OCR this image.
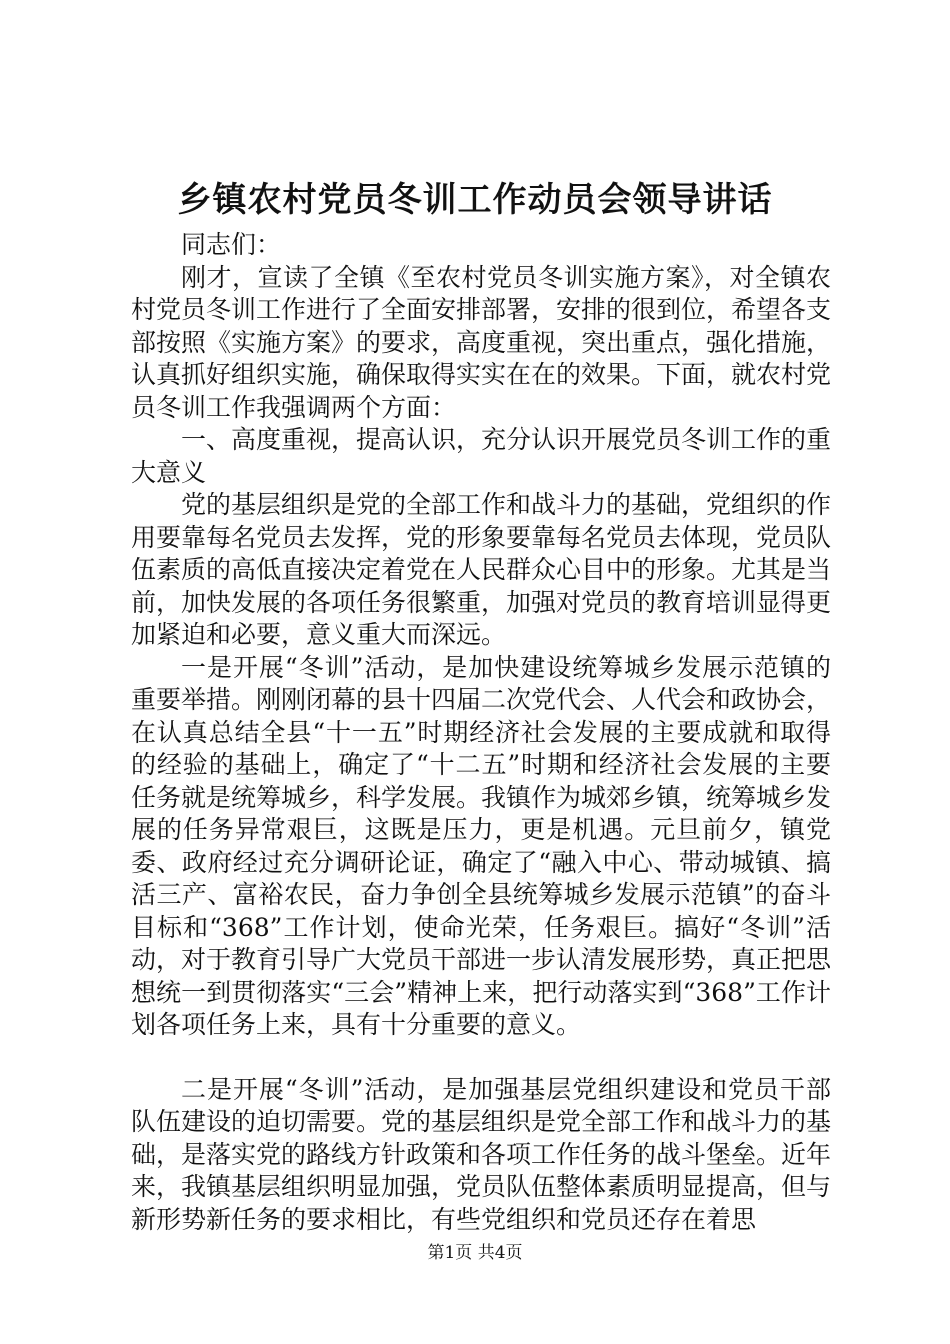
乡镇农村党员冬训工作动员会领导讲话

同志们：

刚才，宣读了全镇《至农村党员冬训实施方案》，对全镇农村党员冬训工作进行了全面安排部署，安排的很到位，希望各支部按照《实施方案》的要求，高度重视，突出重点，强化措施，认真抓好组织实施，确保取得实实在在的效果。下面，就农村党员冬训工作我强调两个方面：

一、高度重视，提高认识，充分认识开展党员冬训工作的重大意义

党的基层组织是党的全部工作和战斗力的基础，党组织的作用要靠每名党员去发挥，党的形象要靠每名党员去体现，党员队伍素质的高低直接决定着党在人民群众心目中的形象。尤其是当前，加快发展的各项任务很繁重，加强对党员的教育培训显得更加紧迫和必要，意义重大而深远。

一是开展“冬训”活动，是加快建设统筹城乡发展示范镇的重要举措。刚刚闭幕的县十四届二次党代会、人代会和政协会，在认真总结全县“十一五”时期经济社会发展的主要成就和取得的经验的基础上，确定了“十二五”时期和经济社会发展的主要任务就是统筹城乡，科学发展。我镇作为城郊乡镇，统筹城乡发展的任务异常艰巨，这既是压力，更是机遇。元旦前夕，镇党委、政府经过充分调研论证，确定了“融入中心、带动城镇、搞活三产、富裕农民，奋力争创全县统筹城乡发展示范镇”的奋斗目标和“368”工作计划，使命光荣，任务艰巨。搞好“冬训”活动，对于教育引导广大党员干部进一步认清发展形势，真正把思想统一到贯彻落实“三会”精神上来，把行动落实到“368”工作计划各项任务上来，具有十分重要的意义。

二是开展“冬训”活动，是加强基层党组织建设和党员干部队伍建设的迫切需要。党的基层组织是党全部工作和战斗力的基础，是落实党的路线方针政策和各项工作任务的战斗堡垒。近年来，我镇基层组织明显加强，党员队伍整体素质明显提高，但与新形势新任务的要求相比，有些党组织和党员还存在着思

第1页 共4页
